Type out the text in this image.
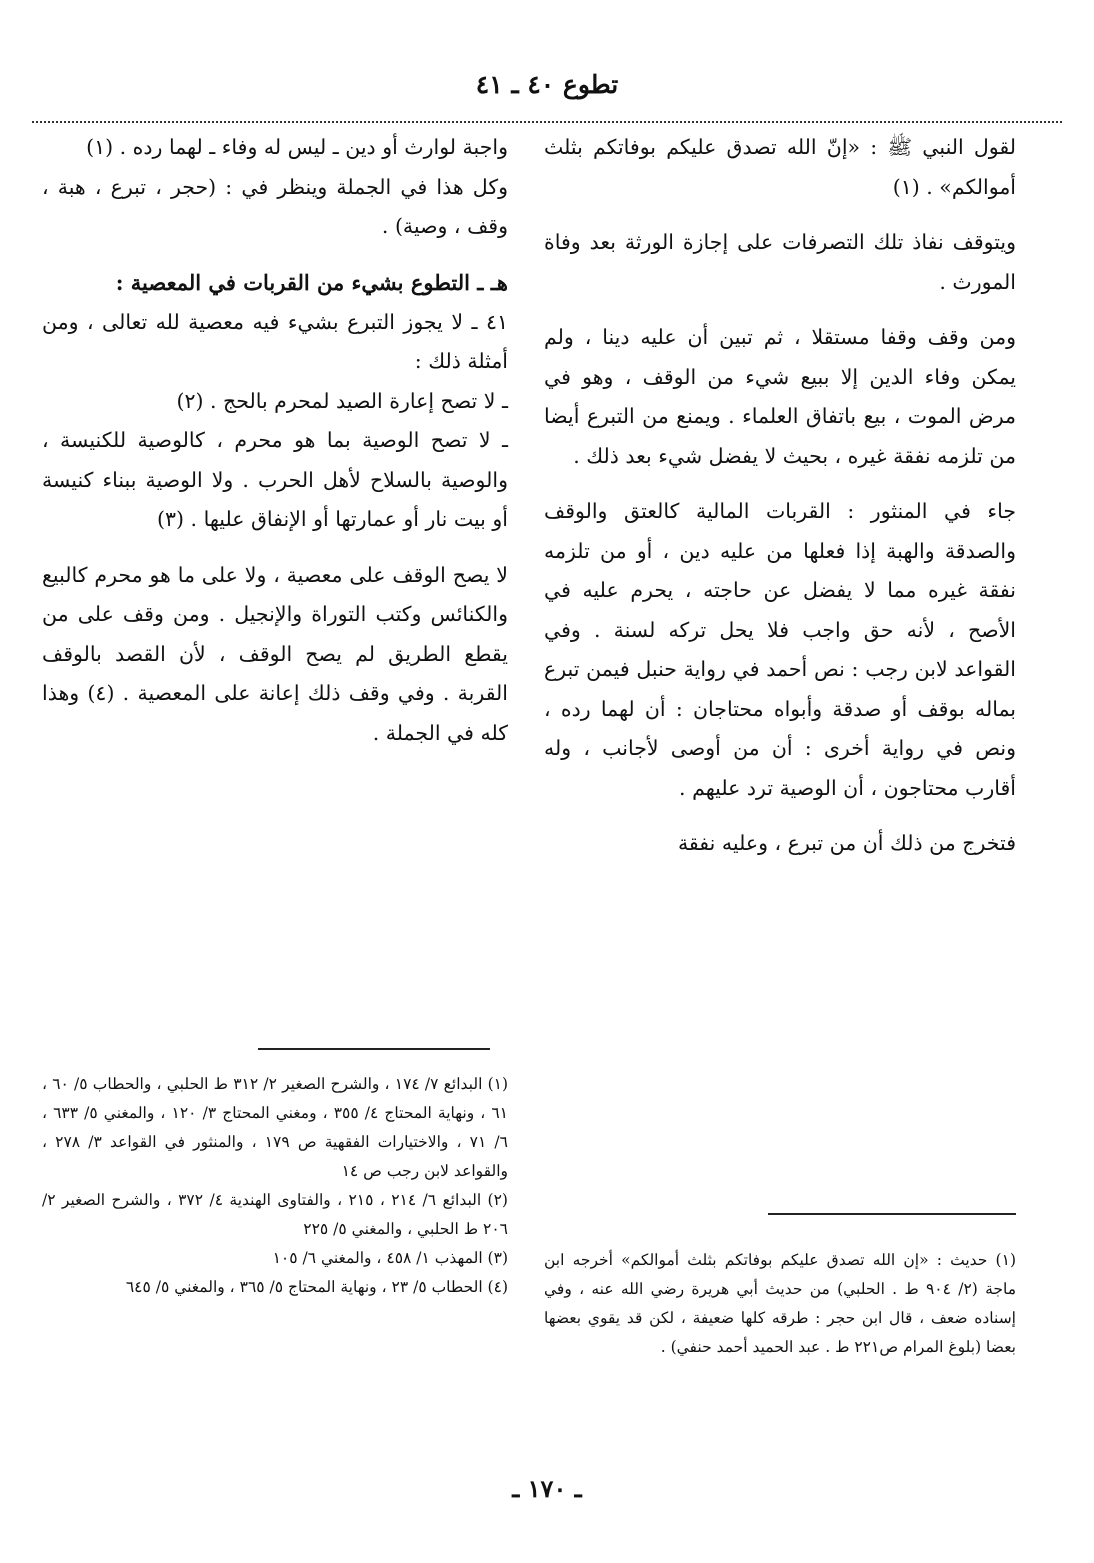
تطوع ٤٠ ـ ٤١

لقول النبي ﷺ : «إنّ الله تصدق عليكم بوفاتكم بثلث أموالكم» . (١)

ويتوقف نفاذ تلك التصرفات على إجازة الورثة بعد وفاة المورث .

ومن وقف وقفا مستقلا ، ثم تبين أن عليه دينا ، ولم يمكن وفاء الدين إلا ببيع شيء من الوقف ، وهو في مرض الموت ، بيع باتفاق العلماء . ويمنع من التبرع أيضا من تلزمه نفقة غيره ، بحيث لا يفضل شيء بعد ذلك .

جاء في المنثور : القربات المالية كالعتق والوقف والصدقة والهبة إذا فعلها من عليه دين ، أو من تلزمه نفقة غيره مما لا يفضل عن حاجته ، يحرم عليه في الأصح ، لأنه حق واجب فلا يحل تركه لسنة . وفي القواعد لابن رجب : نص أحمد في رواية حنبل فيمن تبرع بماله بوقف أو صدقة وأبواه محتاجان : أن لهما رده ، ونص في رواية أخرى : أن من أوصى لأجانب ، وله أقارب محتاجون ، أن الوصية ترد عليهم .

فتخرج من ذلك أن من تبرع ، وعليه نفقة

(١) حديث : «إن الله تصدق عليكم بوفاتكم بثلث أموالكم» أخرجه ابن ماجة (٢/ ٩٠٤ ط . الحلبي) من حديث أبي هريرة رضي الله عنه ، وفي إسناده ضعف ، قال ابن حجر : طرقه كلها ضعيفة ، لكن قد يقوي بعضها بعضا (بلوغ المرام ص٢٢١ ط . عبد الحميد أحمد حنفي) .

واجبة لوارث أو دين ـ ليس له وفاء ـ لهما رده . (١)

وكل هذا في الجملة وينظر في : (حجر ، تبرع ، هبة ، وقف ، وصية) .

هـ ـ التطوع بشيء من القربات في المعصية :

٤١ ـ لا يجوز التبرع بشيء فيه معصية لله تعالى ، ومن أمثلة ذلك :

ـ لا تصح إعارة الصيد لمحرم بالحج . (٢)

ـ لا تصح الوصية بما هو محرم ، كالوصية للكنيسة ، والوصية بالسلاح لأهل الحرب . ولا الوصية ببناء كنيسة أو بيت نار أو عمارتها أو الإنفاق عليها . (٣)

لا يصح الوقف على معصية ، ولا على ما هو محرم كالبيع والكنائس وكتب التوراة والإنجيل . ومن وقف على من يقطع الطريق لم يصح الوقف ، لأن القصد بالوقف القربة . وفي وقف ذلك إعانة على المعصية . (٤) وهذا كله في الجملة .

(١) البدائع ٧/ ١٧٤ ، والشرح الصغير ٢/ ٣١٢ ط الحلبي ، والحطاب ٥/ ٦٠ ، ٦١ ، ونهاية المحتاج ٤/ ٣٥٥ ، ومغني المحتاج ٣/ ١٢٠ ، والمغني ٥/ ٦٣٣ ، ٦/ ٧١ ، والاختيارات الفقهية ص ١٧٩ ، والمنثور في القواعد ٣/ ٢٧٨ ، والقواعد لابن رجب ص ١٤

(٢) البدائع ٦/ ٢١٤ ، ٢١٥ ، والفتاوى الهندية ٤/ ٣٧٢ ، والشرح الصغير ٢/ ٢٠٦ ط الحلبي ، والمغني ٥/ ٢٢٥

(٣) المهذب ١/ ٤٥٨ ، والمغني ٦/ ١٠٥

(٤) الحطاب ٥/ ٢٣ ، ونهاية المحتاج ٥/ ٣٦٥ ، والمغني ٥/ ٦٤٥

ـ ١٧٠ ـ
